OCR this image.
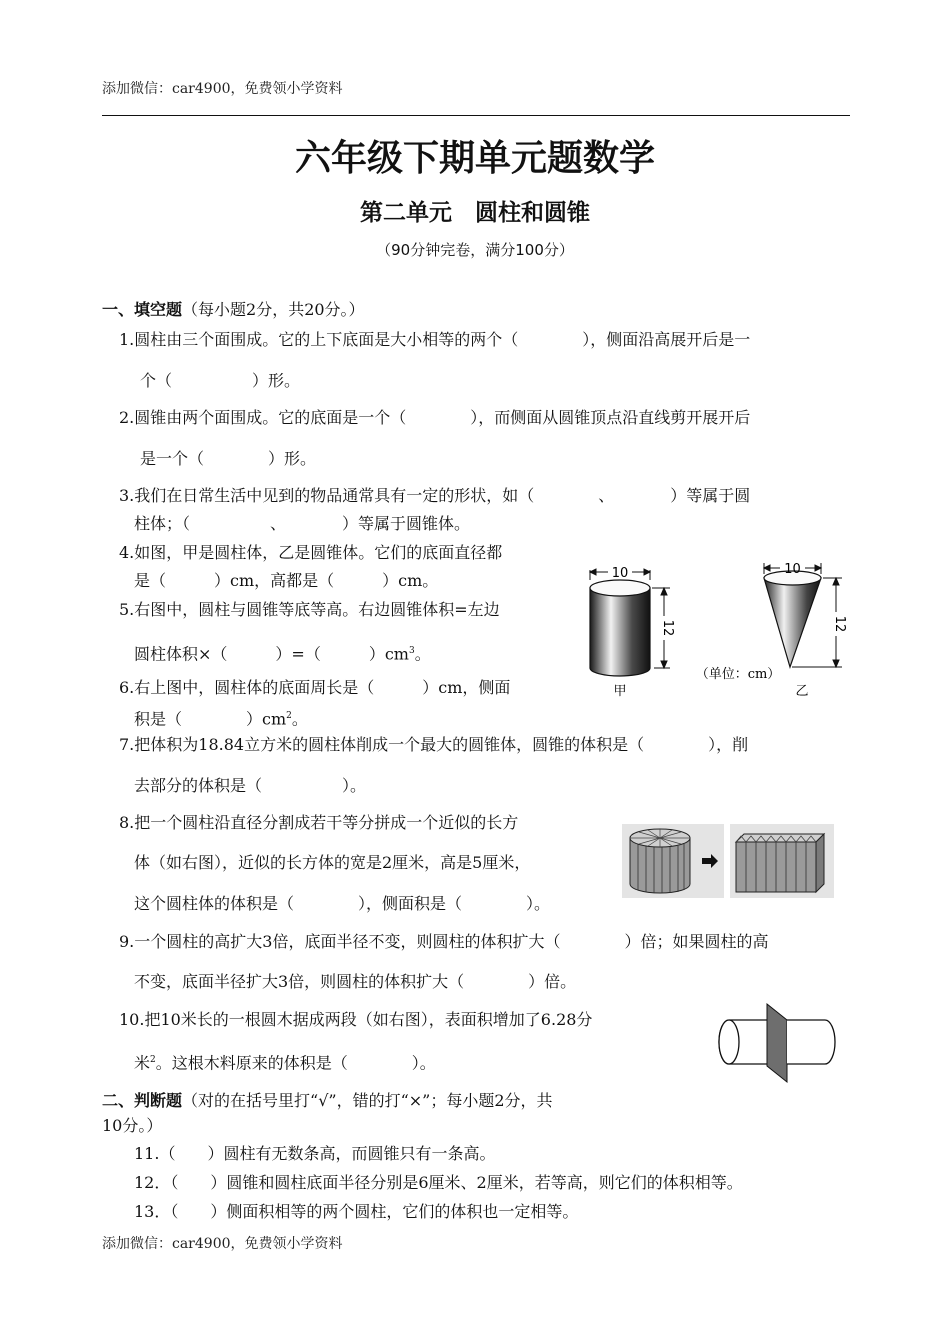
添加微信：car4900，免费领小学资料
六年级下期单元题数学
第二单元　圆柱和圆锥
（90分钟完卷，满分100分）
一、填空题（每小题2分，共20分。）
1.圆柱由三个面围成。它的上下底面是大小相等的两个（　　　　），侧面沿高展开后是一
个（　　　　　）形。
2.圆锥由两个面围成。它的底面是一个（　　　　），而侧面从圆锥顶点沿直线剪开展开后
是一个（　　　　）形。
3.我们在日常生活中见到的物品通常具有一定的形状，如（　　　　、　　　　）等属于圆
柱体；（　　　　　、　　　　）等属于圆锥体。
4.如图，甲是圆柱体，乙是圆锥体。它们的底面直径都
是（　　　）cm，高都是（　　　）cm。
5.右图中，圆柱与圆锥等底等高。右边圆锥体积=左边
圆柱体积×（　　　）=（　　　）$cm^3$。
6.右上图中，圆柱体的底面周长是（　　　）cm，侧面
积是（　　　　）$cm^2$。
7.把体积为18.84立方米的圆柱体削成一个最大的圆锥体，圆锥的体积是（　　　　），削
去部分的体积是（　　　　　）。
8.把一个圆柱沿直径分割成若干等分拼成一个近似的长方
体（如右图），近似的长方体的宽是2厘米，高是5厘米，
这个圆柱体的体积是（　　　　），侧面积是（　　　　）。
9.一个圆柱的高扩大3倍，底面半径不变，则圆柱的体积扩大（　　　　）倍；如果圆柱的高
不变，底面半径扩大3倍，则圆柱的体积扩大（　　　　）倍。
10.把10米长的一根圆木据成两段（如右图），表面积增加了6.28分
米$^2$。这根木料原来的体积是（　　　　）。
二、判断题（对的在括号里打“√”，错的打“×”；每小题2分，共
10分。）
11.（　　）圆柱有无数条高，而圆锥只有一条高。
12．（　　）圆锥和圆柱底面半径分别是6厘米、2厘米，若等高，则它们的体积相等。
13．（　　）侧面积相等的两个圆柱，它们的体积也一定相等。
添加微信：car4900，免费领小学资料
10
12
甲
10
12
（单位：cm）
乙
